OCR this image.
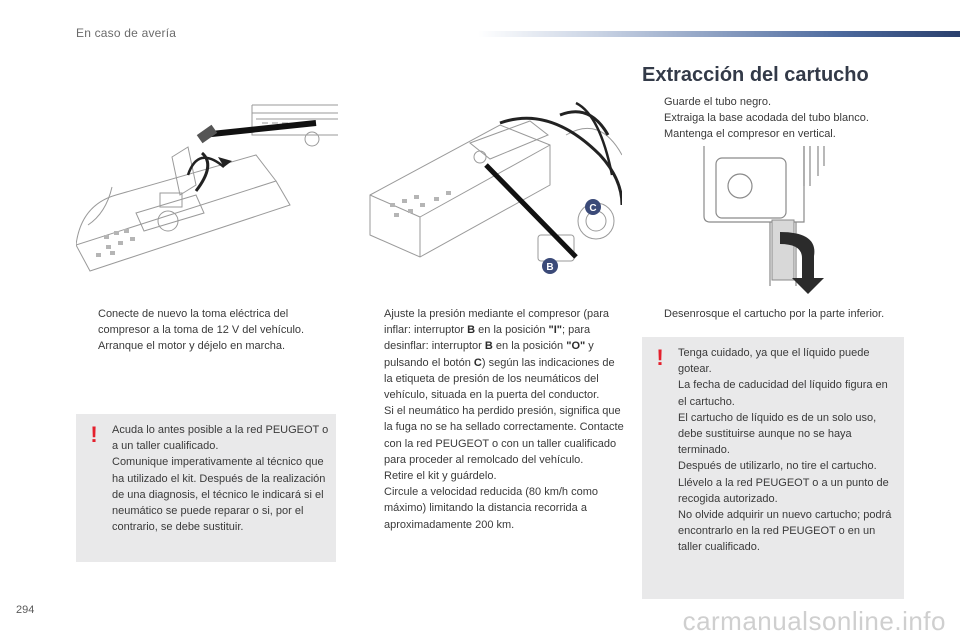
En caso de avería
C
B
Extracción del cartucho
Guarde el tubo negro.
Extraiga la base acodada del tubo blanco.
Mantenga el compresor en vertical.
Conecte de nuevo la toma eléctrica del compresor a la toma de 12 V del vehículo.
Arranque el motor y déjelo en marcha.
Ajuste la presión mediante el compresor (para inflar: interruptor B en la posición "I"; para desinflar: interruptor B en la posición "O" y pulsando el botón C) según las indicaciones de la etiqueta de presión de los neumáticos del vehículo, situada en la puerta del conductor.
Si el neumático ha perdido presión, significa que la fuga no se ha sellado correctamente. Contacte con la red PEUGEOT o con un taller cualificado para proceder al remolcado del vehículo.
Retire el kit y guárdelo.
Circule a velocidad reducida (80 km/h como máximo) limitando la distancia recorrida a aproximadamente 200 km.
Desenrosque el cartucho por la parte inferior.
! Acuda lo antes posible a la red PEUGEOT o a un taller cualificado.
Comunique imperativamente al técnico que ha utilizado el kit. Después de la realización de una diagnosis, el técnico le indicará si el neumático se puede reparar o si, por el contrario, se debe sustituir.
! Tenga cuidado, ya que el líquido puede gotear.
La fecha de caducidad del líquido figura en el cartucho.
El cartucho de líquido es de un solo uso, debe sustituirse aunque no se haya terminado.
Después de utilizarlo, no tire el cartucho. Llévelo a la red PEUGEOT o a un punto de recogida autorizado.
No olvide adquirir un nuevo cartucho; podrá encontrarlo en la red PEUGEOT o en un taller cualificado.
294	carmanualsonline.info
